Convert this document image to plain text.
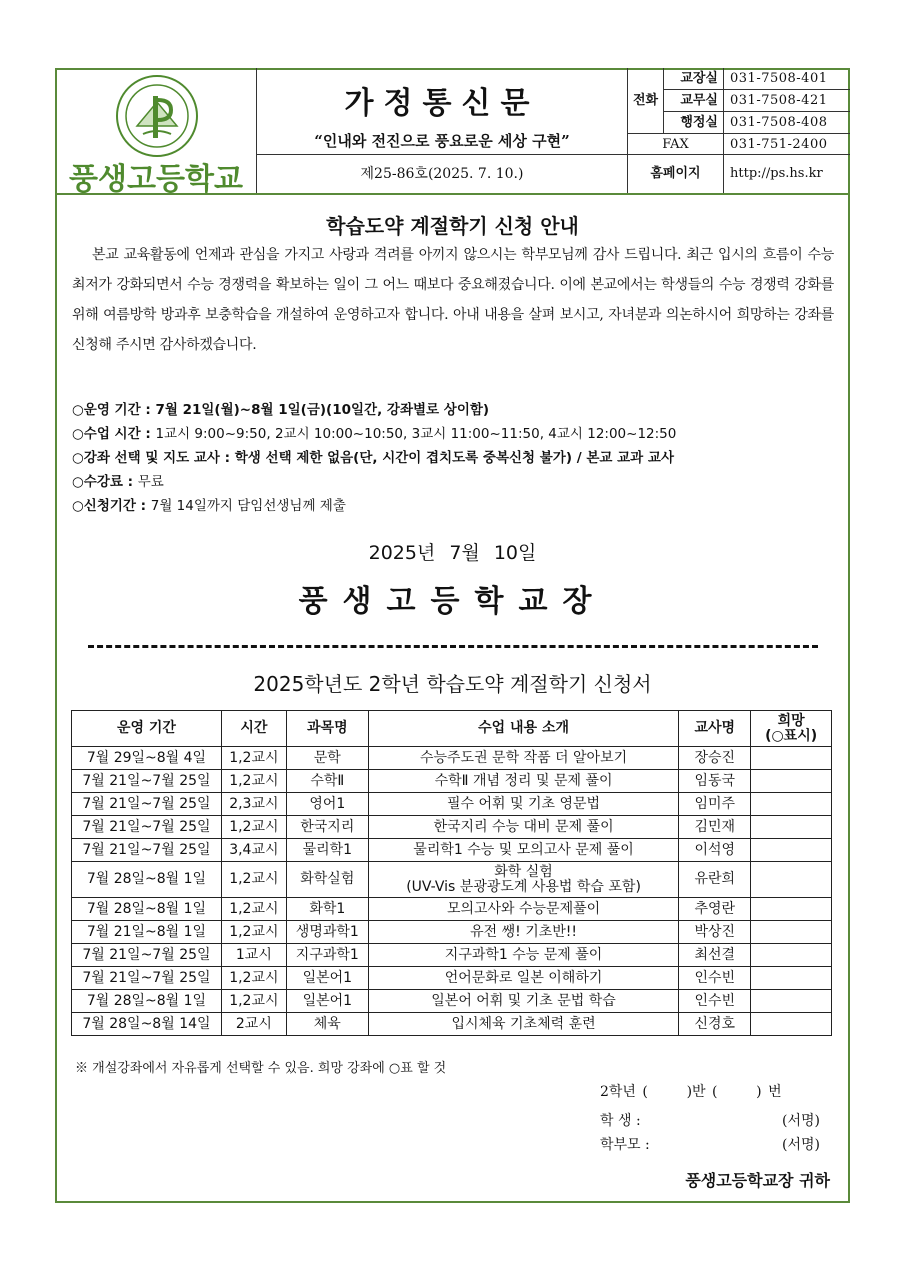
풍생고등학교
가정통신문
“인내와 전진으로 풍요로운 세상 구현”
제25-86호(2025. 7. 10.)
전화
교장실 031-7508-401
교무실 031-7508-421
행정실 031-7508-408
FAX	031-751-2400
홈페이지	http://ps.hs.kr
학습도약 계절학기 신청 안내

본교 교육활동에 언제과 관심을 가지고 사랑과 격려를 아끼지 않으시는 학부모님께 감사 드립니다. 최근 입시의 흐름이 수능 최저가 강화되면서 수능 경쟁력을 확보하는 일이 그 어느 때보다 중요해졌습니다. 이에 본교에서는 학생들의 수능 경쟁력 강화를 위해 여름방학 방과후 보충학습을 개설하여 운영하고자 합니다. 아내 내용을 살펴 보시고, 자녀분과 의논하시어 희망하는 강좌를 신청해 주시면 감사하겠습니다.

○운영 기간 : 7월 21일(월)~8월 1일(금)(10일간, 강좌별로 상이함)
○수업 시간 : 1교시 9:00~9:50, 2교시 10:00~10:50, 3교시 11:00~11:50, 4교시 12:00~12:50
○강좌 선택 및 지도 교사 : 학생 선택 제한 없음(단, 시간이 겹치도록 중복신청 불가) / 본교 교과 교사
○수강료 : 무료
○신청기간 : 7월 14일까지 담임선생님께 제출
2025년 7월 10일
풍생고등학교장
2025학년도 2학년 학습도약 계절학기 신청서
운영 기간	시간	과목명	수업 내용 소개	교사명	희망
(○표시)
7월 29일~8월 4일	1,2교시	문학	수능주도권 문학 작품 더 알아보기	장승진	
7월 21일~7월 25일	1,2교시	수학Ⅱ	수학Ⅱ 개념 정리 및 문제 풀이	임동국	
7월 21일~7월 25일	2,3교시	영어1	필수 어휘 및 기초 영문법	임미주	
7월 21일~7월 25일	1,2교시	한국지리	한국지리 수능 대비 문제 풀이	김민재	
7월 21일~7월 25일	3,4교시	물리학1	물리학1 수능 및 모의고사 문제 풀이	이석영	
7월 28일~8월 1일	1,2교시	화학실험	화학 실험
(UV-Vis 분광광도계 사용법 학습 포함)	유란희	
7월 28일~8월 1일	1,2교시	화학1	모의고사와 수능문제풀이	추영란	
7월 21일~8월 1일	1,2교시	생명과학1	유전 쌩! 기초반!!	박상진	
7월 21일~7월 25일	1교시	지구과학1	지구과학1 수능 문제 풀이	최선결	
7월 21일~7월 25일	1,2교시	일본어1	언어문화로 일본 이해하기	인수빈	
7월 28일~8월 1일	1,2교시	일본어1	일본어 어휘 및 기초 문법 학습	인수빈	
7월 28일~8월 14일	2교시	체육	입시체육 기초체력 훈련	신경호	
※ 개설강좌에서 자유롭게 선택할 수 있음. 희망 강좌에 ○표 할 것
2학년 (      )반 (      ) 번
학 생 :	(서명)
학부모 :	(서명)
풍생고등학교장 귀하
